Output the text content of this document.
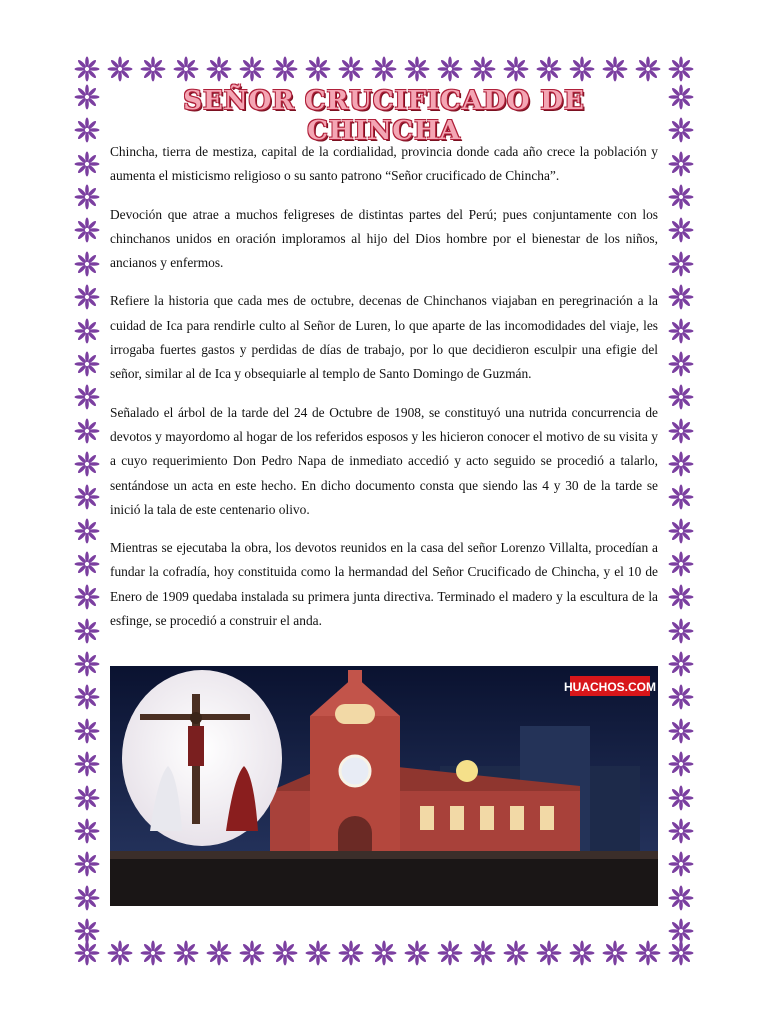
SEÑOR CRUCIFICADO DE CHINCHA

Chincha, tierra de mestiza, capital de la cordialidad, provincia donde cada año crece la población y aumenta el misticismo religioso o su santo patrono “Señor crucificado de Chincha”.

Devoción que atrae a muchos feligreses de distintas partes del Perú; pues conjuntamente con los chinchanos unidos en oración imploramos al hijo del Dios hombre por el bienestar de los niños, ancianos y enfermos.

Refiere la historia que cada mes de octubre, decenas de Chinchanos viajaban en peregrinación a la cuidad de Ica para rendirle culto al Señor de Luren, lo que aparte de las incomodidades del viaje, les irrogaba fuertes gastos y perdidas de días de trabajo, por lo que decidieron esculpir una efigie del señor, similar al de Ica y obsequiarle al templo de Santo Domingo de Guzmán.

Señalado el árbol de la tarde del 24 de Octubre de 1908, se constituyó una nutrida concurrencia de devotos y mayordomo al hogar de los referidos esposos y les hicieron conocer el motivo de su visita y a cuyo requerimiento Don Pedro Napa de inmediato accedió y acto seguido se procedió a talarlo, sentándose un acta en este hecho. En dicho documento consta que siendo las 4 y 30 de la tarde se inició la tala de este centenario olivo.

Mientras se ejecutaba la obra, los devotos reunidos en la casa del señor Lorenzo Villalta, procedían a fundar la cofradía, hoy constituida como la hermandad del Señor Crucificado de Chincha, y el 10 de Enero de 1909 quedaba instalada su primera junta directiva. Terminado el madero y la escultura de la esfinge, se procedió a construir el anda.

HUACHOS.COM
